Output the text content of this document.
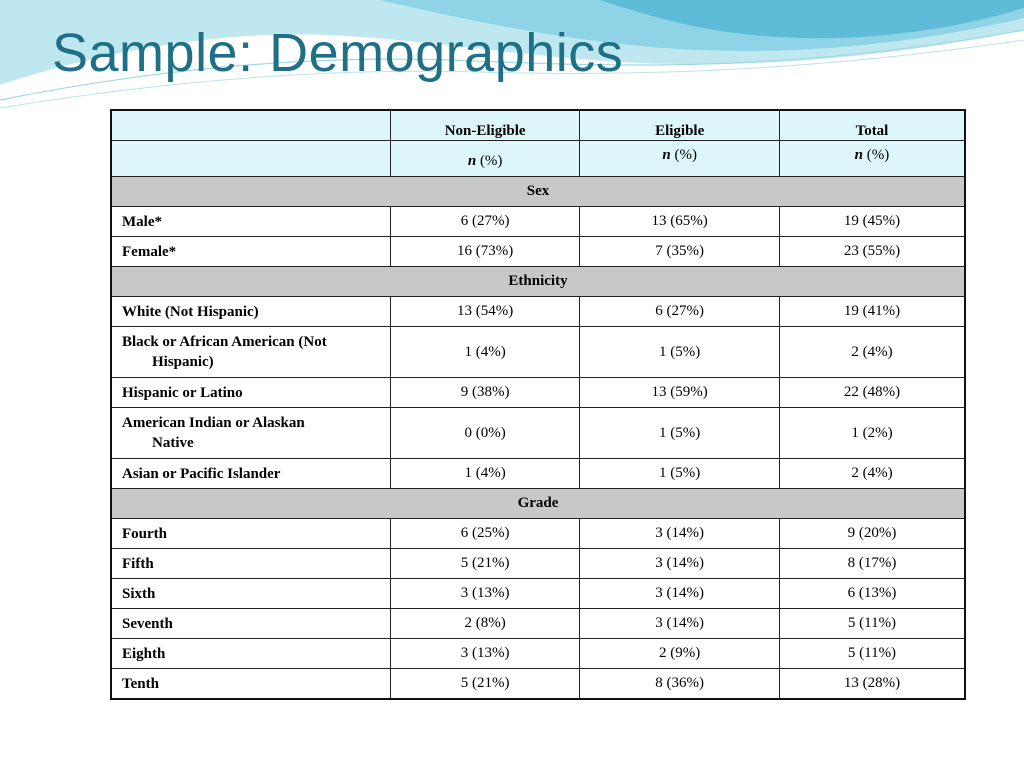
Sample: Demographics
	Non-Eligible	Eligible	Total
	n (%)	n (%)	n (%)
Sex			
Male*	6 (27%)	13 (65%)	19 (45%)
Female*	16 (73%)	7 (35%)	23 (55%)
Ethnicity			
White (Not Hispanic)	13 (54%)	6 (27%)	19 (41%)
Black or African American (Not
Hispanic)	1 (4%)	1 (5%)	2 (4%)
Hispanic or Latino	9 (38%)	13 (59%)	22 (48%)
American Indian or Alaskan
Native	0 (0%)	1 (5%)	1 (2%)
Asian or Pacific Islander	1 (4%)	1 (5%)	2 (4%)
Grade			
Fourth	6 (25%)	3 (14%)	9 (20%)
Fifth	5 (21%)	3 (14%)	8 (17%)
Sixth	3 (13%)	3 (14%)	6 (13%)
Seventh	2 (8%)	3 (14%)	5 (11%)
Eighth	3 (13%)	2 (9%)	5 (11%)
Tenth	5 (21%)	8 (36%)	13 (28%)
